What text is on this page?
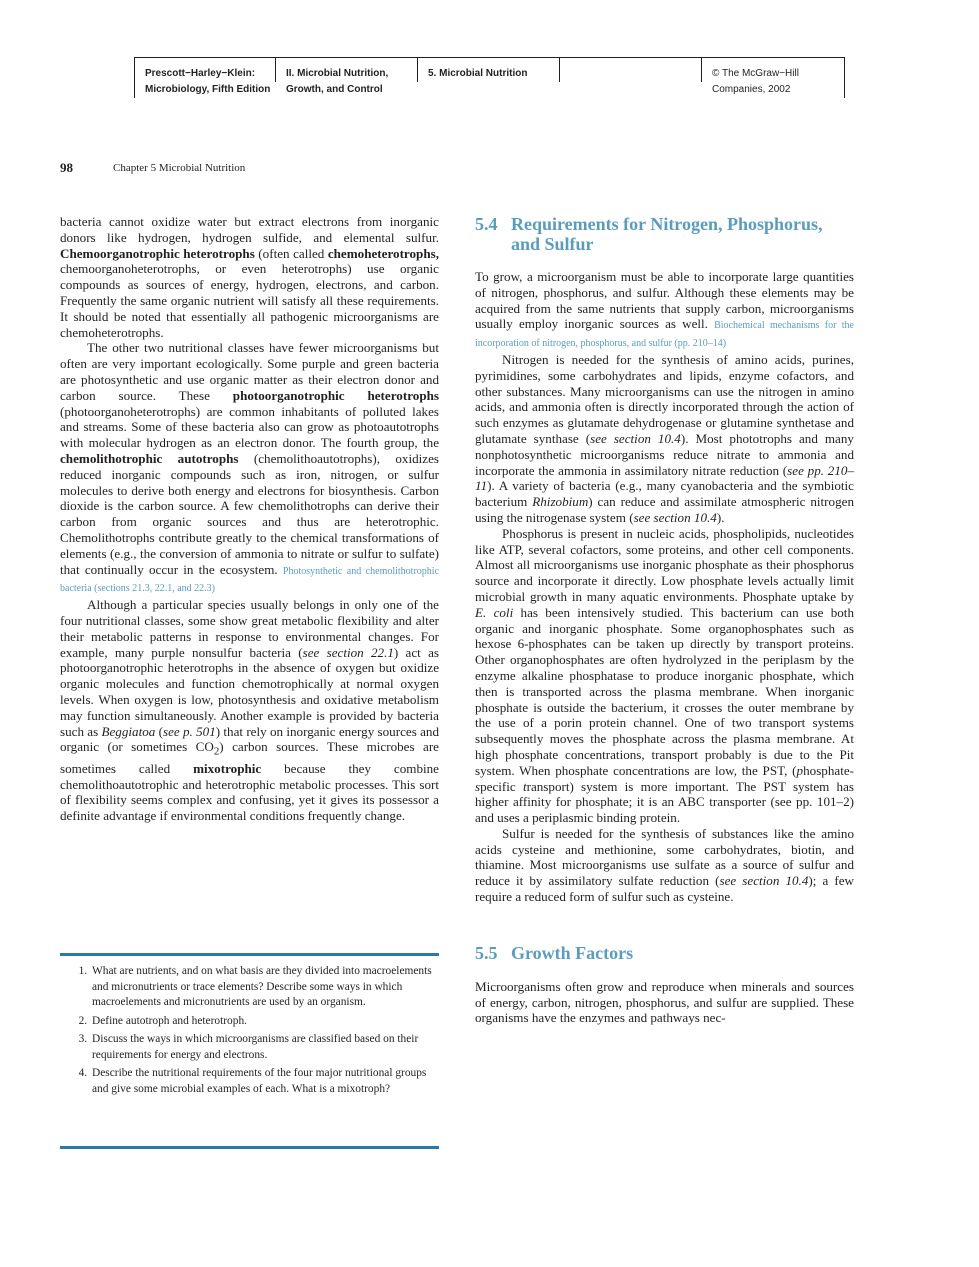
Prescott−Harley−Klein:
Microbiology, Fifth Edition
II. Microbial Nutrition,
Growth, and Control
5. Microbial Nutrition	© The McGraw−Hill
Companies, 2002
98	Chapter 5 Microbial Nutrition

bacteria cannot oxidize water but extract electrons from inorganic donors like hydrogen, hydrogen sulfide, and elemental sulfur. Chemoorganotrophic heterotrophs (often called chemoheterotrophs, chemoorganoheterotrophs, or even heterotrophs) use organic compounds as sources of energy, hydrogen, electrons, and carbon. Frequently the same organic nutrient will satisfy all these requirements. It should be noted that essentially all pathogenic microorganisms are chemoheterotrophs.

The other two nutritional classes have fewer microorganisms but often are very important ecologically. Some purple and green bacteria are photosynthetic and use organic matter as their electron donor and carbon source. These photoorganotrophic heterotrophs (photoorganoheterotrophs) are common inhabitants of polluted lakes and streams. Some of these bacteria also can grow as photoautotrophs with molecular hydrogen as an electron donor. The fourth group, the chemolithotrophic autotrophs (chemolithoautotrophs), oxidizes reduced inorganic compounds such as iron, nitrogen, or sulfur molecules to derive both energy and electrons for biosynthesis. Carbon dioxide is the carbon source. A few chemolithotrophs can derive their carbon from organic sources and thus are heterotrophic. Chemolithotrophs contribute greatly to the chemical transformations of elements (e.g., the conversion of ammonia to nitrate or sulfur to sulfate) that continually occur in the ecosystem. Photosynthetic and chemolithotrophic bacteria (sections 21.3, 22.1, and 22.3)

Although a particular species usually belongs in only one of the four nutritional classes, some show great metabolic flexibility and alter their metabolic patterns in response to environmental changes. For example, many purple nonsulfur bacteria (see section 22.1) act as photoorganotrophic heterotrophs in the absence of oxygen but oxidize organic molecules and function chemotrophically at normal oxygen levels. When oxygen is low, photosynthesis and oxidative metabolism may function simultaneously. Another example is provided by bacteria such as Beggiatoa (see p. 501) that rely on inorganic energy sources and organic (or sometimes $CO_2$) carbon sources. These microbes are sometimes called mixotrophic because they combine chemolithoautotrophic and heterotrophic metabolic processes. This sort of flexibility seems complex and confusing, yet it gives its possessor a definite advantage if environmental conditions frequently change.

1. What are nutrients, and on what basis are they divided into macroelements and micronutrients or trace elements? Describe some ways in which macroelements and micronutrients are used by an organism.
2. Define autotroph and heterotroph.
3. Discuss the ways in which microorganisms are classified based on their requirements for energy and electrons.
4. Describe the nutritional requirements of the four major nutritional groups and give some microbial examples of each. What is a mixotroph?
5.4 Requirements for Nitrogen, Phosphorus,
and Sulfur

To grow, a microorganism must be able to incorporate large quantities of nitrogen, phosphorus, and sulfur. Although these elements may be acquired from the same nutrients that supply carbon, microorganisms usually employ inorganic sources as well. Biochemical mechanisms for the incorporation of nitrogen, phosphorus, and sulfur (pp. 210–14)

Nitrogen is needed for the synthesis of amino acids, purines, pyrimidines, some carbohydrates and lipids, enzyme cofactors, and other substances. Many microorganisms can use the nitrogen in amino acids, and ammonia often is directly incorporated through the action of such enzymes as glutamate dehydrogenase or glutamine synthetase and glutamate synthase (see section 10.4). Most phototrophs and many nonphotosynthetic microorganisms reduce nitrate to ammonia and incorporate the ammonia in assimilatory nitrate reduction (see pp. 210–11). A variety of bacteria (e.g., many cyanobacteria and the symbiotic bacterium Rhizobium) can reduce and assimilate atmospheric nitrogen using the nitrogenase system (see section 10.4).

Phosphorus is present in nucleic acids, phospholipids, nucleotides like ATP, several cofactors, some proteins, and other cell components. Almost all microorganisms use inorganic phosphate as their phosphorus source and incorporate it directly. Low phosphate levels actually limit microbial growth in many aquatic environments. Phosphate uptake by E. coli has been intensively studied. This bacterium can use both organic and inorganic phosphate. Some organophosphates such as hexose 6-phosphates can be taken up directly by transport proteins. Other organophosphates are often hydrolyzed in the periplasm by the enzyme alkaline phosphatase to produce inorganic phosphate, which then is transported across the plasma membrane. When inorganic phosphate is outside the bacterium, it crosses the outer membrane by the use of a porin protein channel. One of two transport systems subsequently moves the phosphate across the plasma membrane. At high phosphate concentrations, transport probably is due to the Pit system. When phosphate concentrations are low, the PST, (phosphate-specific transport) system is more important. The PST system has higher affinity for phosphate; it is an ABC transporter (see pp. 101–2) and uses a periplasmic binding protein.

Sulfur is needed for the synthesis of substances like the amino acids cysteine and methionine, some carbohydrates, biotin, and thiamine. Most microorganisms use sulfate as a source of sulfur and reduce it by assimilatory sulfate reduction (see section 10.4); a few require a reduced form of sulfur such as cysteine.

5.5 Growth Factors

Microorganisms often grow and reproduce when minerals and sources of energy, carbon, nitrogen, phosphorus, and sulfur are supplied. These organisms have the enzymes and pathways nec-
